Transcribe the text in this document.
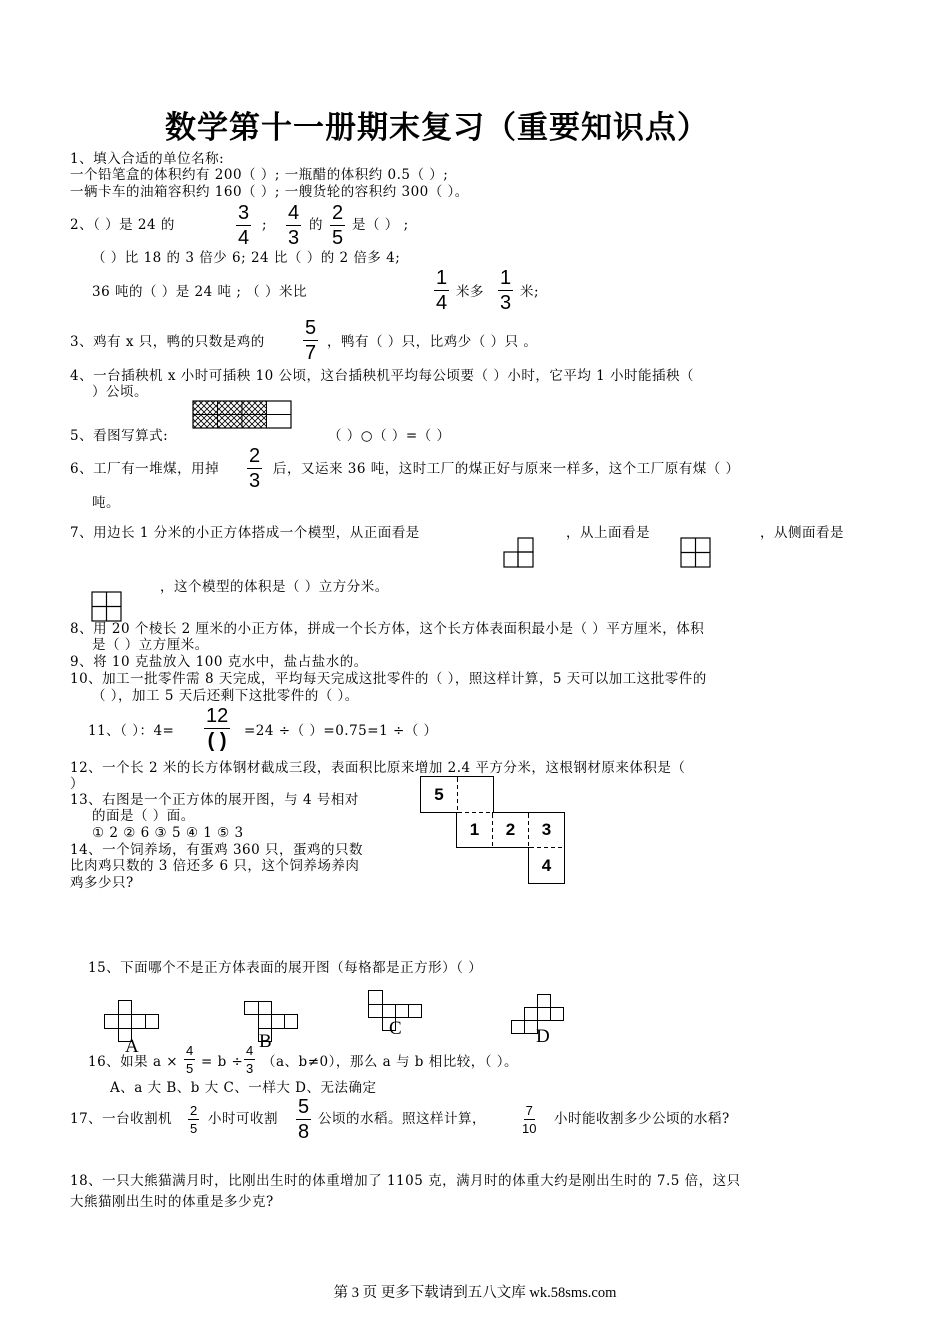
数学第十一册期末复习（重要知识点）
1、填入合适的单位名称:
一个铅笔盒的体积约有 200（ ）; 一瓶醋的体积约 0.5（ ）;
一辆卡车的油箱容积约 160（ ）; 一艘货轮的容积约 300（ ）。
2、（ ）是 24 的	$\frac{3}{4}$ ; $\frac{4}{3}$ 的 $\frac{2}{5}$ 是（ ） ;
（ ）比 18 的 3 倍少 6; 24 比（ ）的 2 倍多 4;
36 吨的（ ）是 24 吨 ; （ ）米比	$\frac{1}{4}$ 米多 $\frac{1}{3}$ 米;
3、鸡有 x 只，鸭的只数是鸡的 $\frac{5}{7}$ ，鸭有（ ）只，比鸡少（ ）只 。
4、一台插秧机 x 小时可插秧 10 公顷，这台插秧机平均每公顷要（ ）小时，它平均 1 小时能插秧（
）公顷。
5、看图写算式:	（ ）○（ ）=（ ）
6、工厂有一堆煤，用掉 $\frac{2}{3}$ 后，又运来 36 吨，这时工厂的煤正好与原来一样多，这个工厂原有煤（ ）
吨。
7、用边长 1 分米的小正方体搭成一个模型，从正面看是	，从上面看是	，从侧面看是
，这个模型的体积是（ ）立方分米。
8、用 20 个棱长 2 厘米的小正方体，拼成一个长方体，这个长方体表面积最小是（ ）平方厘米，体积
是（ ）立方厘米。
9、将 10 克盐放入 100 克水中，盐占盐水的。
10、加工一批零件需 8 天完成，平均每天完成这批零件的（ ），照这样计算，5 天可以加工这批零件的
（ ），加工 5 天后还剩下这批零件的（ ）。
11、（ ）：4=
12
( ) =24 ÷（ ）=0.75=1 ÷（ ）
12、一个长 2 米的长方体钢材截成三段，表面积比原来增加 2.4 平方分米，这根钢材原来体积是（
）
13、右图是一个正方体的展开图，与 4 号相对
的面是（ ）面。
① 2 ② 6 ③ 5 ④ 1 ⑤ 3
5
1	2	3
4
14、一个饲养场，有蛋鸡 360 只，蛋鸡的只数
比肉鸡只数的 3 倍还多 6 只，这个饲养场养肉
鸡多少只?
15、下面哪个不是正方体表面的展开图（每格都是正方形）（ ）
A	B
C	D
16、如果 $a \times \frac{4}{5} = b \div \frac{4}{3} (a$、b≠0），那么 a 与 b 相比较，（ ）。
A、a 大 B、b 大 C、一样大 D、无法确定
17、一台收割机 $\frac{2}{5}$ 小时可收割 $\frac{5}{8}$ 公顷的水稻。照这样计算，	$\frac{7}{10}$ 小时能收割多少公顷的水稻?
18、一只大熊猫满月时，比刚出生时的体重增加了 1105 克，满月时的体重大约是刚出生时的 7.5 倍，这只
大熊猫刚出生时的体重是多少克?
第 3 页 更多下载请到五八文库 wk.58sms.com
